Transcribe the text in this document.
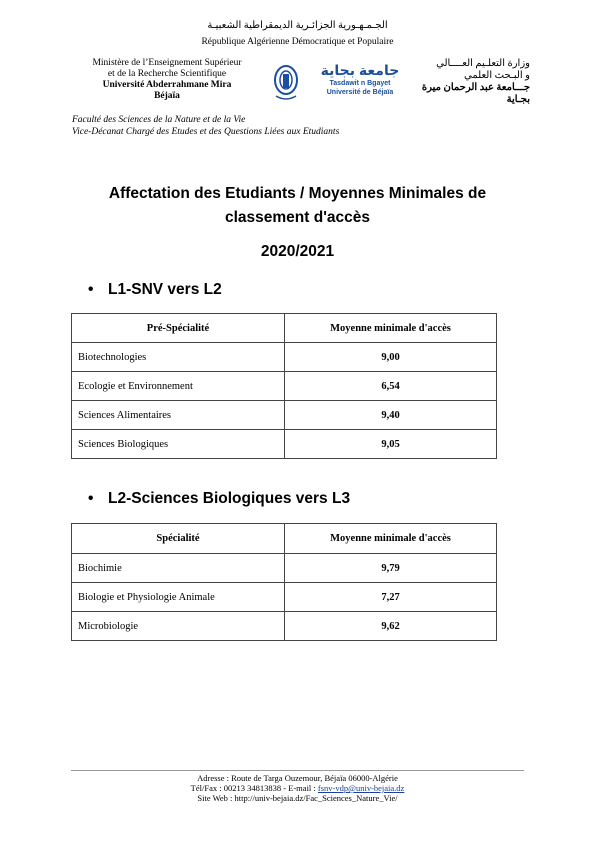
الجـمـهـورية الجزائـرية الديمقراطية الشعبيـة
République Algérienne Démocratique et Populaire
Ministère de l’Enseignement Supérieur
et de la Recherche Scientifique
Université Abderrahmane Mira
Béjaïa
جامعة بجاية
Tasdawit n Bgayet
Université de Béjaïa
وزارة التعلـيم العــــالي
و البـحث العلمي
جـــامعة عبد الرحمان ميرة
بجـاية
Faculté des Sciences de la Nature et de la Vie
Vice-Décanat Chargé des Etudes et des Questions Liées aux Etudiants
Affectation des Etudiants / Moyennes Minimales de
classement d'accès
2020/2021
• L1-SNV vers L2
Pré-Spécialité	Moyenne minimale d'accès
Biotechnologies	9,00
Ecologie et Environnement	6,54
Sciences Alimentaires	9,40
Sciences Biologiques	9,05
• L2-Sciences Biologiques vers L3
Spécialité	Moyenne minimale d'accès
Biochimie	9,79
Biologie et Physiologie Animale	7,27
Microbiologie	9,62
Adresse : Route de Targa Ouzemour, Béjaïa 06000-Algérie
Tél/Fax : 00213 34813838 - E-mail : fsnv-vdp@univ-bejaia.dz
Site Web : http://univ-bejaia.dz/Fac_Sciences_Nature_Vie/
